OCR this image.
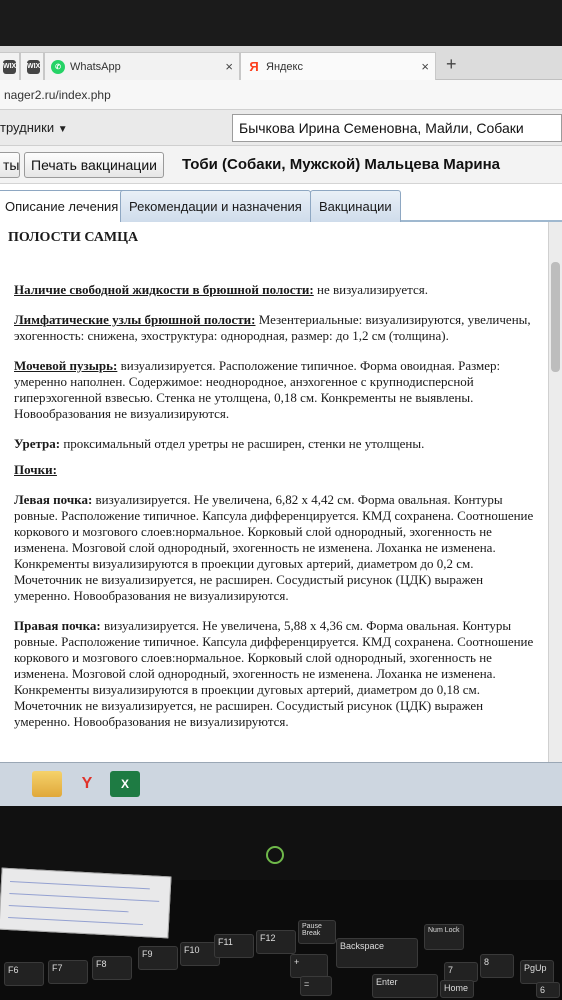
WIX WIX	✆ WhatsApp	× Я Яндекс	× +
nager2.ru/index.php
трудники ▼	Бычкова Ирина Семеновна, Майли, Собаки
ты Печать вакцинации Тоби (Собаки, Мужской) Мальцева Марина
Описание лечения Рекомендации и назначения Вакцинации
ПОЛОСТИ САМЦА

Наличие свободной жидкости в брюшной полости: не визуализируется.

Лимфатические узлы брюшной полости: Мезентериальные: визуализируются, увеличены, эхогенность: снижена, эхоструктура: однородная, размер: до 1,2 см (толщина).

Мочевой пузырь: визуализируется. Расположение типичное. Форма овоидная. Размер: умеренно наполнен. Содержимое: неоднородное, анэхогенное с крупнодисперсной гиперэхогенной взвесью. Стенка не утолщена, 0,18 см. Конкременты не выявлены. Новообразования не визуализируются.

Уретра: проксимальный отдел уретры не расширен, стенки не утолщены.

Почки:

Левая почка: визуализируется. Не увеличена, 6,82 х 4,42 см. Форма овальная. Контуры ровные. Расположение типичное. Капсула дифференцируется. КМД сохранена. Соотношение коркового и мозгового слоев:нормальное. Корковый слой однородный, эхогенность не изменена. Мозговой слой однородный, эхогенность не изменена. Лоханка не изменена. Конкременты визуализируются в проекции дуговых артерий, диаметром до 0,2 см. Мочеточник не визуализируется, не расширен. Сосудистый рисунок (ЦДК) выражен умеренно. Новообразования не визуализируются.

Правая почка: визуализируется. Не увеличена, 5,88 х 4,36 см. Форма овальная. Контуры ровные. Расположение типичное. Капсула дифференцируется. КМД сохранена. Соотношение коркового и мозгового слоев:нормальное. Корковый слой однородный, эхогенность не изменена. Мозговой слой однородный, эхогенность не изменена. Лоханка не изменена. Конкременты визуализируются в проекции дуговых артерий, диаметром до 0,18 см. Мочеточник не визуализируется, не расширен. Сосудистый рисунок (ЦДК) выражен умеренно. Новообразования не визуализируются.

Y	X
F6	F7	F8
F9	F10
F11	F12
Pause Break
Backspace
Num Lock
+
=	Enter
7
Home
8
PgUp
6
